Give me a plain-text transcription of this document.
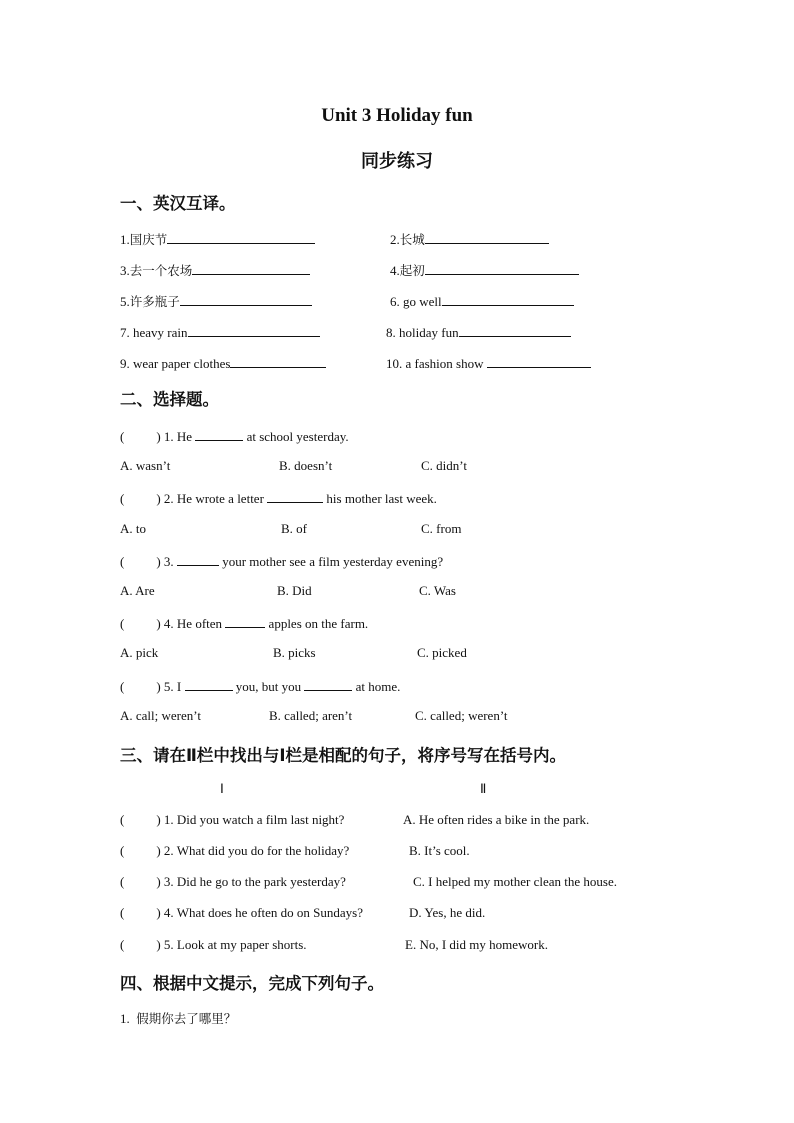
Unit 3 Holiday fun
同步练习
一、英汉互译。
1.国庆节	2.长城
3.去一个农场	4.起初
5.许多瓶子	6. go well
7. heavy rain	8. holiday fun
9. wear paper clothes	10. a fashion show
二、选择题。
( ) 1. He	at school yesterday.
A. wasn’t	B. doesn’t	C. didn’t
( ) 2. He wrote a letter	his mother last week.
A. to	B. of	C. from
( ) 3.	your mother see a film yesterday evening?
A. Are	B. Did	C. Was
( ) 4. He often	apples on the farm.
A. pick	B. picks	C. picked
( ) 5. I	you, but you	at home.
A. call; weren’t	B. called; aren’t	C. called; weren’t
三、请在Ⅱ栏中找出与Ⅰ栏是相配的句子，将序号写在括号内。
Ⅰ	Ⅱ
( ) 1. Did you watch a film last night?	A. He often rides a bike in the park.
( ) 2. What did you do for the holiday?	B. It’s cool.
( ) 3. Did he go to the park yesterday?	C. I helped my mother clean the house.
( ) 4. What does he often do on Sundays?	D. Yes, he did.
( ) 5. Look at my paper shorts.	E. No, I did my homework.
四、根据中文提示，完成下列句子。
1. 假期你去了哪里？
